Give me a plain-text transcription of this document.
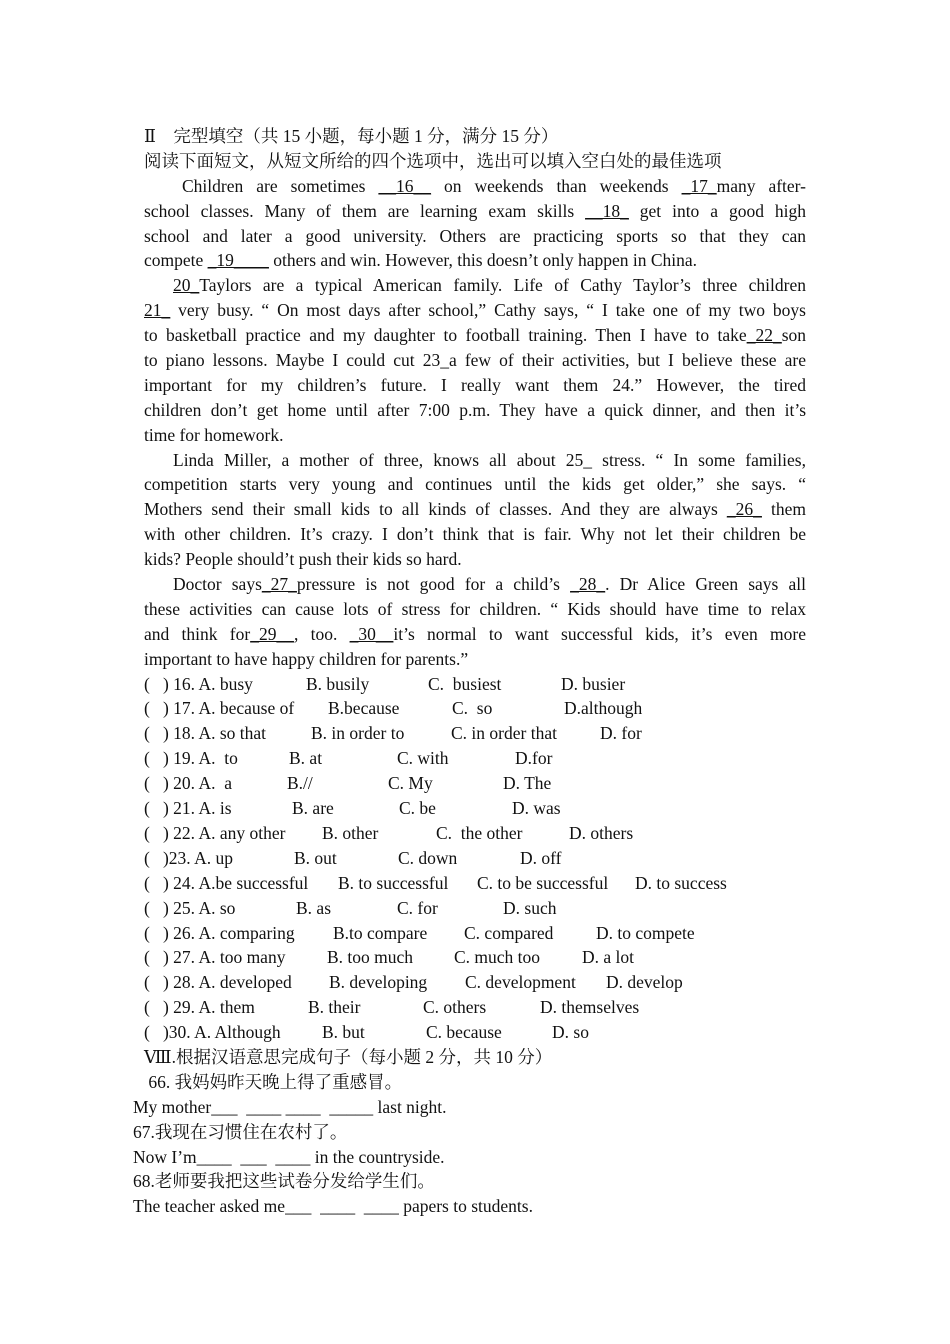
Ⅱ　完型填空（共 15 小题，每小题 1 分，满分 15 分）
阅读下面短文，从短文所给的四个选项中，选出可以填入空白处的最佳选项
Children are sometimes __16__ on weekends than weekends _17_many after-
school classes. Many of them are learning exam skills __18_ get into a good high
school and later a good university. Others are practicing sports so that they can
compete _19____ others and win. However, this doesn’t only happen in China.
20_Taylors are a typical American family. Life of Cathy Taylor’s three children
21_ very busy. “ On most days after school,” Cathy says, “ I take one of my two boys
to basketball practice and my daughter to football training. Then I have to take_22_son
to piano lessons. Maybe I could cut 23_a few of their activities, but I believe these are
important for my children’s future. I really want them 24.” However, the tired
children don’t get home until after 7:00 p.m. They have a quick dinner, and then it’s
time for homework.
Linda Miller, a mother of three, knows all about 25_ stress. “ In some families,
competition starts very young and continues until the kids get older,” she says. “
Mothers send their small kids to all kinds of classes. And they are always _26_ them
with other children. It’s crazy. I don’t think that is fair. Why not let their children be
kids? People should’t push their kids so hard.
Doctor says_27_pressure is not good for a child’s _28_. Dr Alice Green says all
these activities can cause lots of stress for children. “ Kids should have time to relax
and think for_29__, too. _30__it’s normal to want successful kids, it’s even more
important to have happy children for parents.”
(   ) 16. A. busy	B. busily	C.  busiest	D. busier
(   ) 17. A. because of B.because	C.  so	D.although
(   ) 18. A. so that	B. in order to	C. in order that D. for
(   ) 19. A.  to	B. at	C. with	D.for
(   ) 20. A.  a	B.//	C. My	D. The
(   ) 21. A. is	B. are	C. be	D. was
(   ) 22. A. any other B. other	C.  the other	D. others
(   )23. A. up	B. out	C. down	D. off
(   ) 24. A.be successful B. to successful C. to be successful D. to success
(   ) 25. A. so	B. as	C. for	D. such
(   ) 26. A. comparing B.to compare C. compared D. to compete
(   ) 27. A. too many B. too much C. much too D. a lot
(   ) 28. A. developed B. developing C. development D. develop
(   ) 29. A. them	B. their	C. others	D. themselves
(   )30. A. Although B. but	C. because	D. so
Ⅷ.根据汉语意思完成句子（每小题 2 分，共 10 分）
66. 我妈妈昨天晚上得了重感冒。
My mother___  ____ ____  _____ last night.
67.我现在习惯住在农村了。
Now I’m____  ___  ____ in the countryside.
68.老师要我把这些试卷分发给学生们。
The teacher asked me___  ____  ____ papers to students.
